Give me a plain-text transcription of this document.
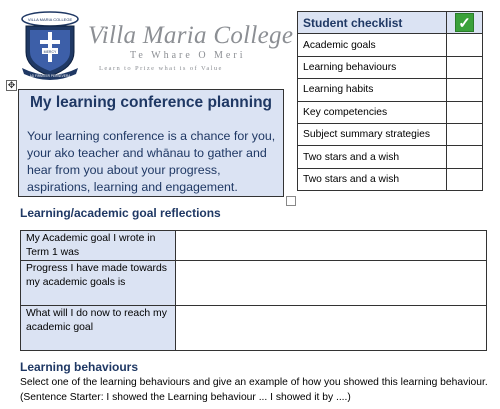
VILLA MARIA COLLEGE
MERCY
AD FIRMITER PERSEVERA
Villa Maria College
Te Whare O Meri
Learn to Prize what is of Value
✥
My learning conference planning
Your learning conference is a chance for you, your ako teacher and whānau to gather and hear from you about your progress, aspirations, learning and engagement.
Student checklist	✓

Academic goals	
Learning behaviours	
Learning habits	
Key competencies	
Subject summary strategies	
Two stars and a wish	
Two stars and a wish	
Learning/academic goal reflections
My Academic goal I wrote in Term 1 was	
Progress I have made towards my academic goals is	
What will I do now to reach my academic goal	
Learning behaviours
Select one of the learning behaviours and give an example of how you showed this learning behaviour. (Sentence Starter: I showed the Learning behaviour ... I showed it by ....)
